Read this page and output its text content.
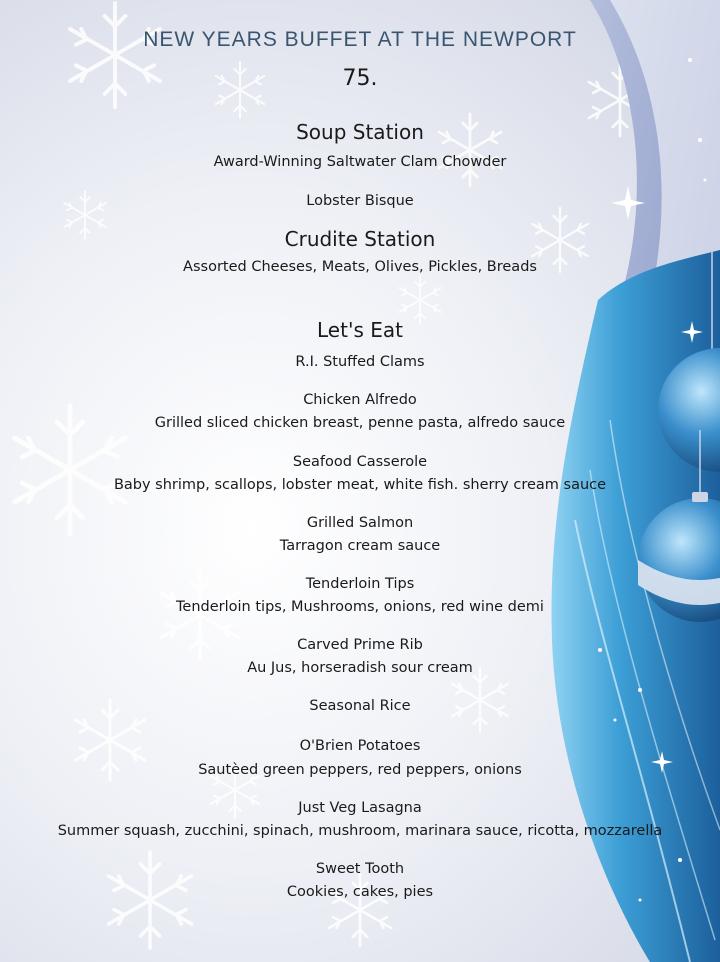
NEW YEARS BUFFET AT THE NEWPORT
75.
Soup Station
Award-Winning Saltwater Clam Chowder
Lobster Bisque
Crudite Station
Assorted Cheeses, Meats, Olives, Pickles, Breads
Let's Eat
R.I. Stuffed Clams
Chicken Alfredo
Grilled sliced chicken breast, penne pasta, alfredo sauce
Seafood Casserole
Baby shrimp, scallops, lobster meat, white fish. sherry cream sauce
Grilled Salmon
Tarragon cream sauce
Tenderloin Tips
Tenderloin tips, Mushrooms, onions, red wine demi
Carved Prime Rib
Au Jus, horseradish sour cream
Seasonal Rice
O'Brien Potatoes
Sautèed green peppers, red peppers, onions
Just Veg Lasagna
Summer squash, zucchini, spinach, mushroom, marinara sauce, ricotta, mozzarella
Sweet Tooth
Cookies, cakes, pies
